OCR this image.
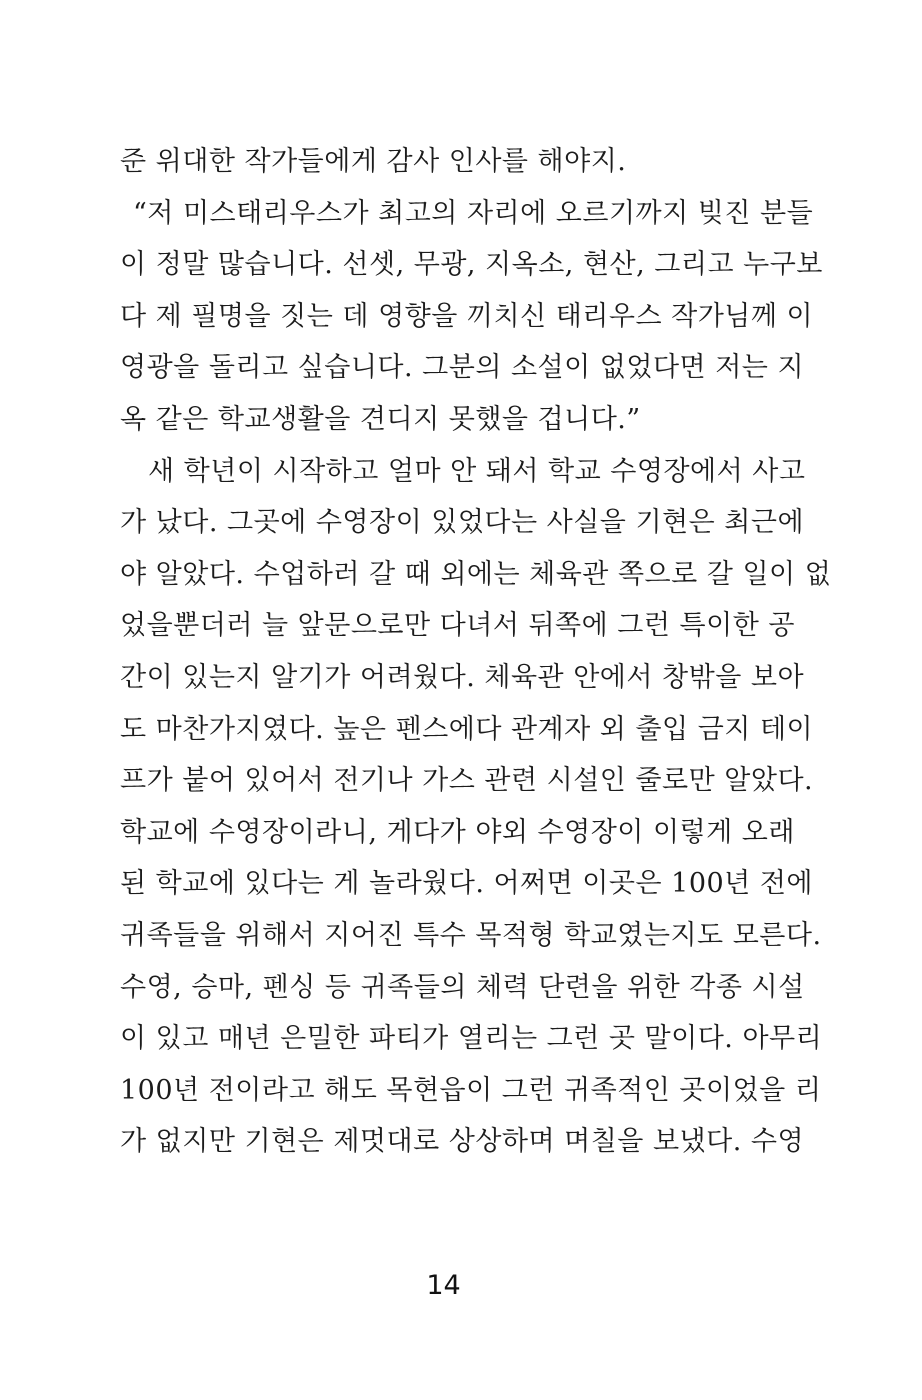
준 위대한 작가들에게 감사 인사를 해야지.
“저 미스태리우스가 최고의 자리에 오르기까지 빚진 분들
이 정말 많습니다. 선셋, 무광, 지옥소, 현산, 그리고 누구보
다 제 필명을 짓는 데 영향을 끼치신 태리우스 작가님께 이
영광을 돌리고 싶습니다. 그분의 소설이 없었다면 저는 지
옥 같은 학교생활을 견디지 못했을 겁니다.”
새 학년이 시작하고 얼마 안 돼서 학교 수영장에서 사고
가 났다. 그곳에 수영장이 있었다는 사실을 기현은 최근에
야 알았다. 수업하러 갈 때 외에는 체육관 쪽으로 갈 일이 없
었을뿐더러 늘 앞문으로만 다녀서 뒤쪽에 그런 특이한 공
간이 있는지 알기가 어려웠다. 체육관 안에서 창밖을 보아
도 마찬가지였다. 높은 펜스에다 관계자 외 출입 금지 테이
프가 붙어 있어서 전기나 가스 관련 시설인 줄로만 알았다.
학교에 수영장이라니, 게다가 야외 수영장이 이렇게 오래
된 학교에 있다는 게 놀라웠다. 어쩌면 이곳은 100년 전에
귀족들을 위해서 지어진 특수 목적형 학교였는지도 모른다.
수영, 승마, 펜싱 등 귀족들의 체력 단련을 위한 각종 시설
이 있고 매년 은밀한 파티가 열리는 그런 곳 말이다. 아무리
100년 전이라고 해도 목현읍이 그런 귀족적인 곳이었을 리
가 없지만 기현은 제멋대로 상상하며 며칠을 보냈다. 수영
14
